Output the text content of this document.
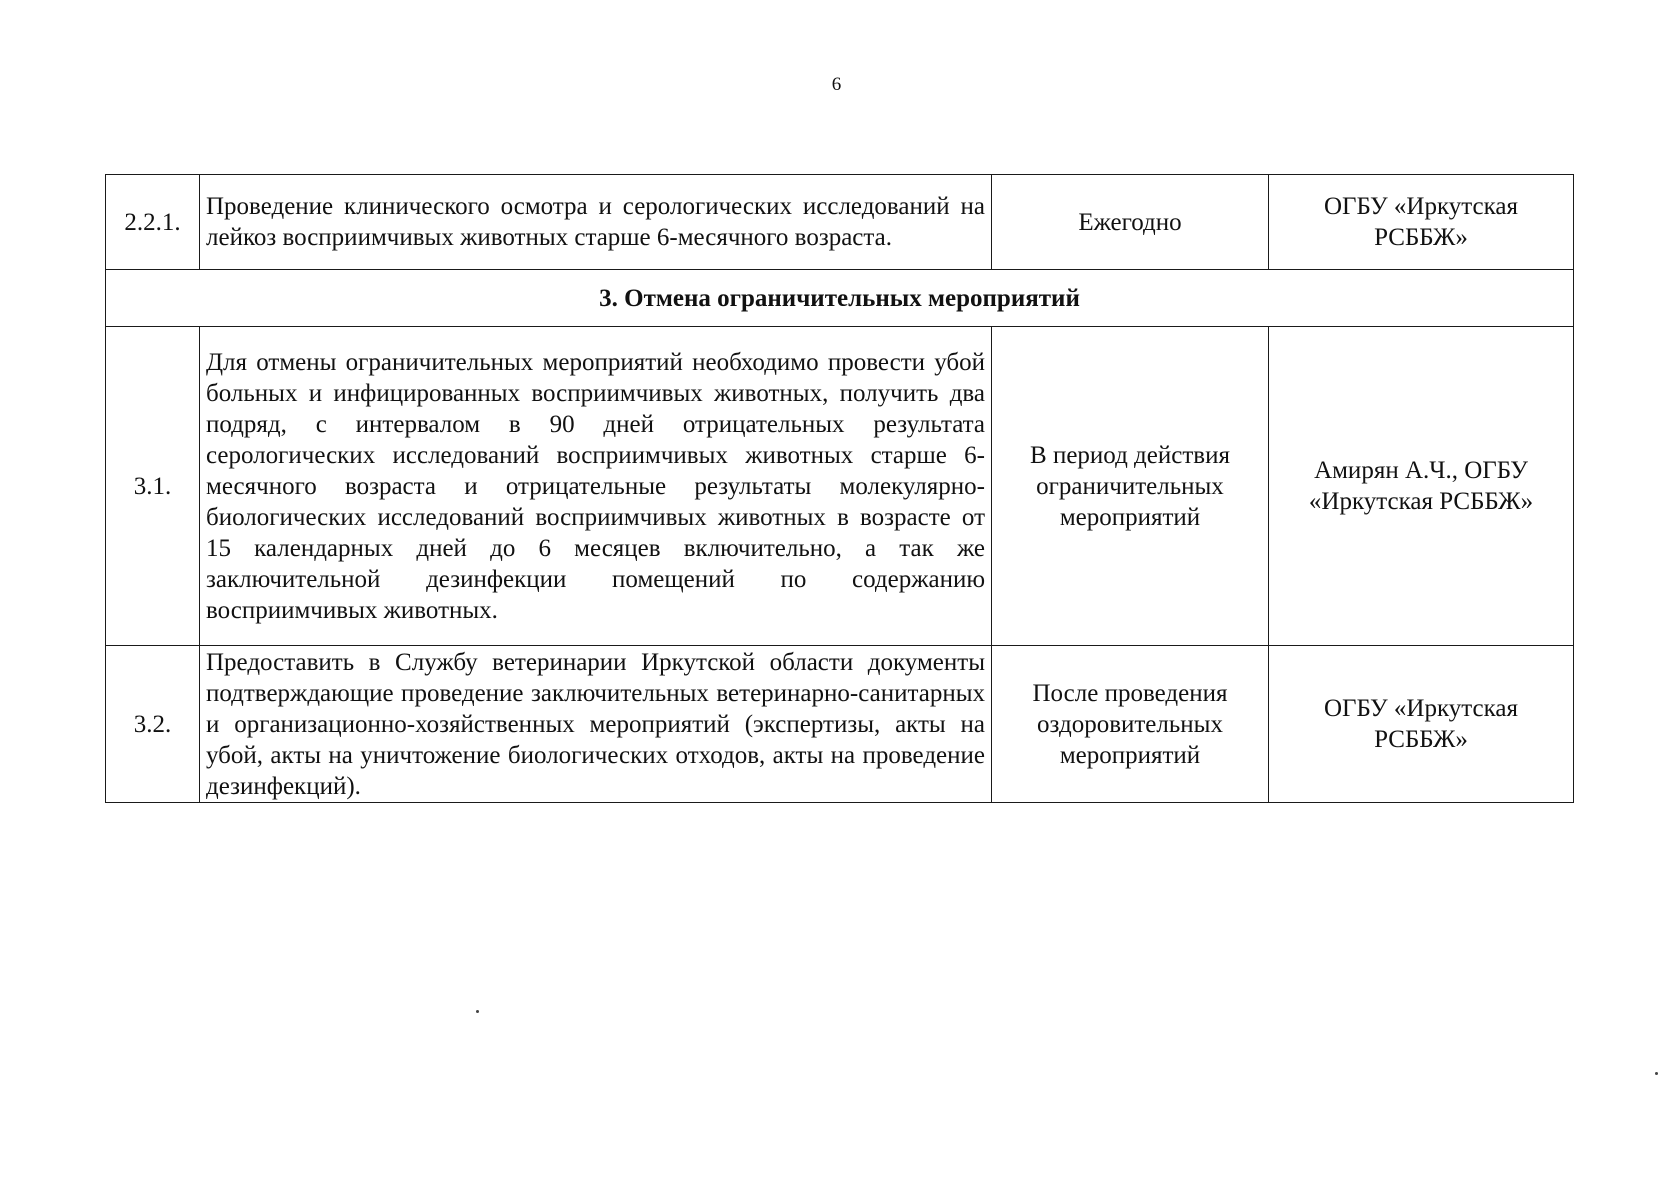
6
2.2.1.	Проведение клинического осмотра и серологических исследований на лейкоз восприимчивых животных старше 6-месячного возраста.	Ежегодно	ОГБУ «Иркутская РСББЖ»
3. Отмена ограничительных мероприятий			
3.1.	Для отмены ограничительных мероприятий необходимо провести убой больных и инфицированных восприимчивых животных, получить два подряд, с интервалом в 90 дней отрицательных результата серологических исследований восприимчивых животных старше 6-месячного возраста и отрицательные результаты молекулярно-биологических исследований восприимчивых животных в возрасте от 15 календарных дней до 6 месяцев включительно, а так же заключительной дезинфекции помещений по содержанию восприимчивых животных.	В период действия ограничительных мероприятий	Амирян А.Ч., ОГБУ «Иркутская РСББЖ»
3.2.	Предоставить в Службу ветеринарии Иркутской области документы подтверждающие проведение заключительных ветеринарно-санитарных и организационно-хозяйственных мероприятий (экспертизы, акты на убой, акты на уничтожение биологических отходов, акты на проведение дезинфекций).	После проведения оздоровительных мероприятий	ОГБУ «Иркутская РСББЖ»
